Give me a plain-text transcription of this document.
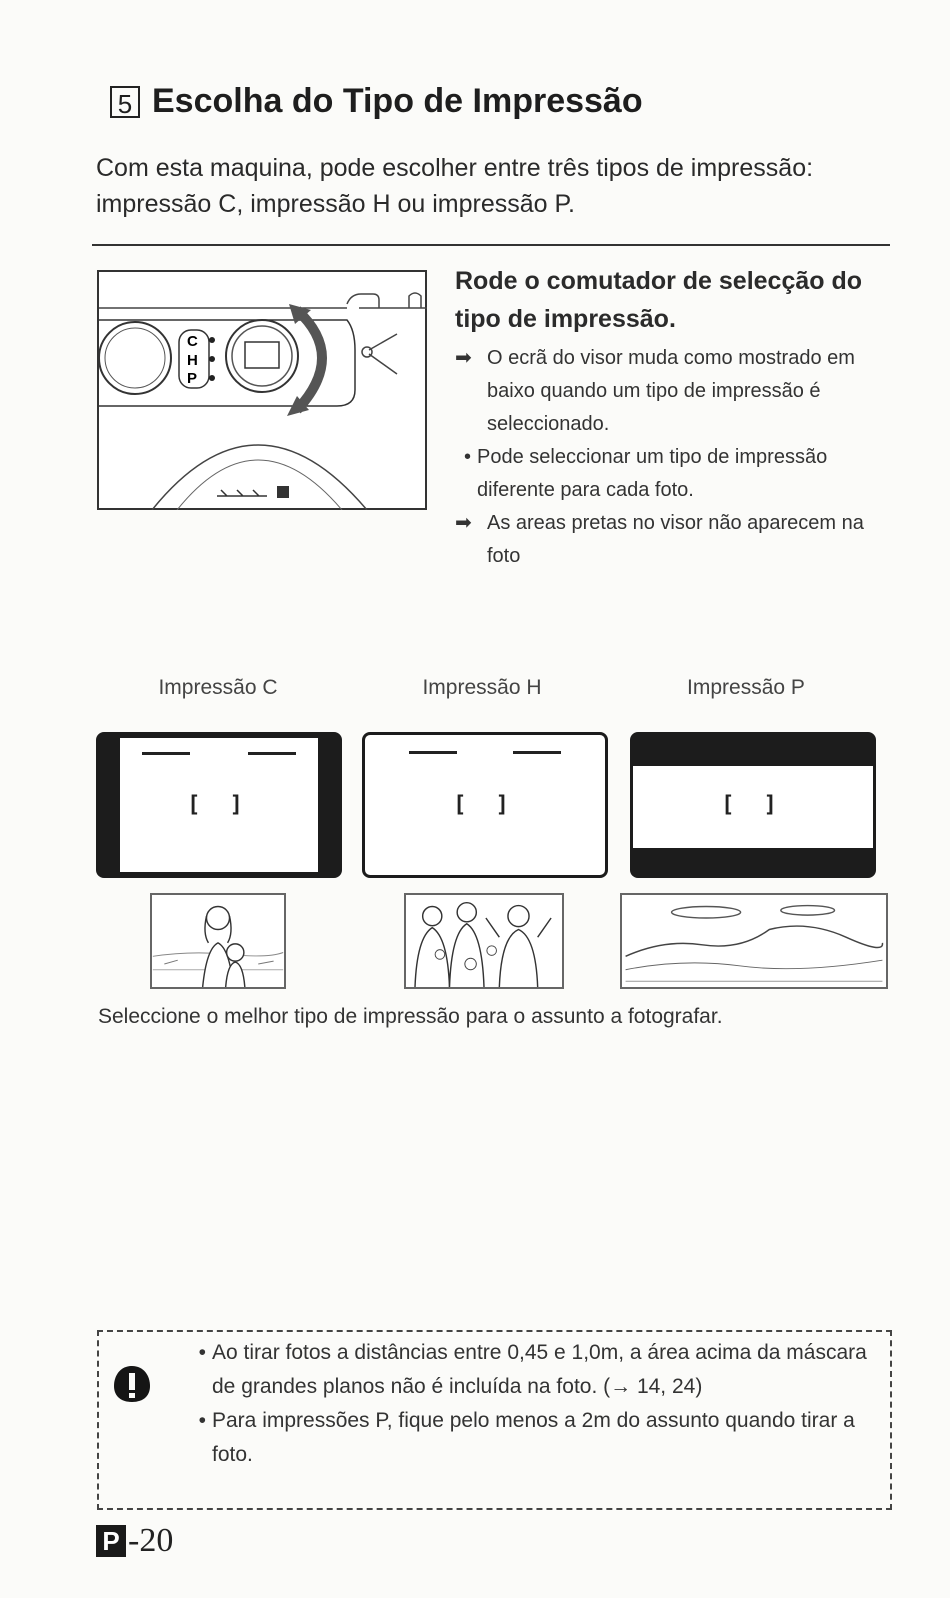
5 Escolha do Tipo de Impressão
Com esta maquina, pode escolher entre três tipos de impressão: impressão C, impressão H ou impressão P.
C
H
P
Rode o comutador de selecção do tipo de impressão.
➡ O ecrã do visor muda como mostrado em baixo quando um tipo de impressão é seleccionado.
• Pode seleccionar um tipo de impressão diferente para cada foto.
➡ As areas pretas no visor não aparecem na foto
Impressão C	Impressão H	Impressão P
[ ]	[ ]	[ ]
Seleccione o melhor tipo de impressão para o assunto a fotografar.
• Ao tirar fotos a distâncias entre 0,45 e 1,0m, a área acima da máscara de grandes planos não é incluída na foto. (→ 14, 24)
• Para impressões P, fique pelo menos a 2m do assunto quando tirar a foto.
P -20
